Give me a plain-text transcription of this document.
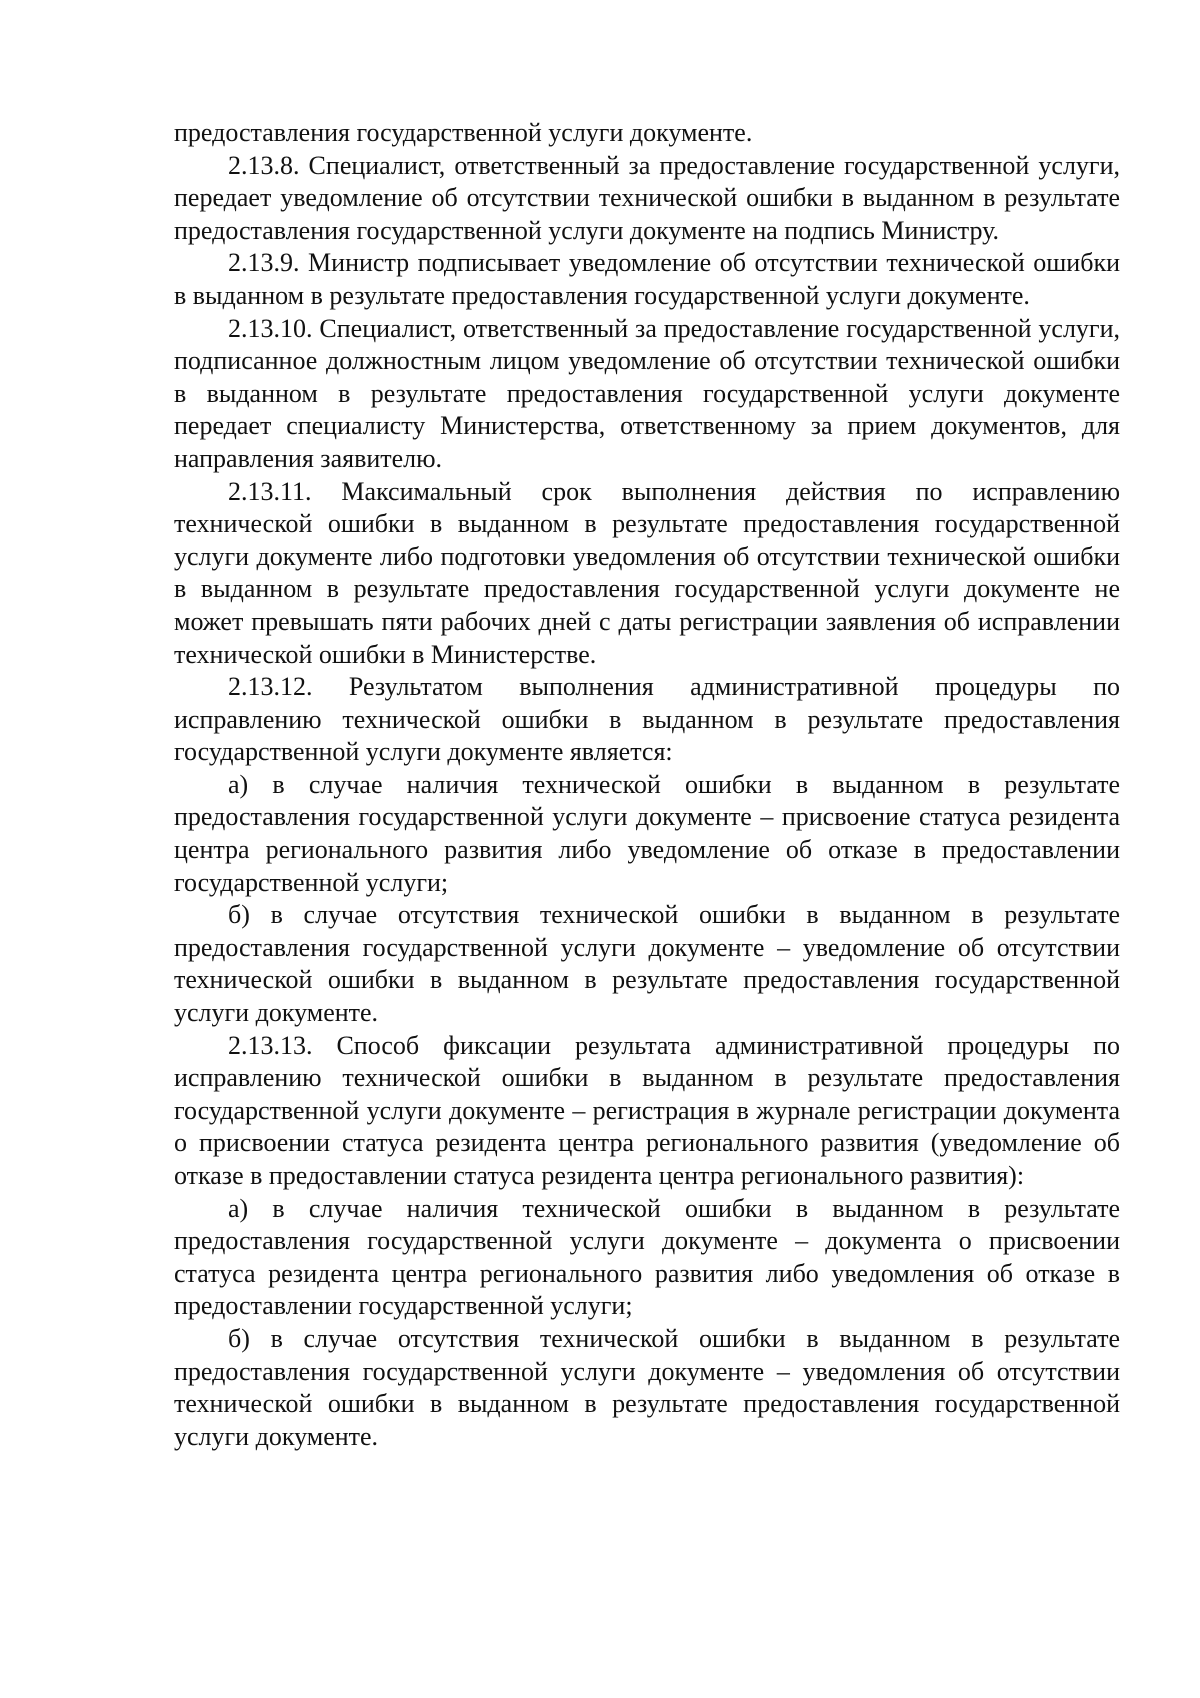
предоставления государственной услуги документе.

2.13.8. Специалист, ответственный за предоставление государственной услуги, передает уведомление об отсутствии технической ошибки в выданном в результате предоставления государственной услуги документе на подпись Министру.

2.13.9. Министр подписывает уведомление об отсутствии технической ошибки в выданном в результате предоставления государственной услуги документе.

2.13.10. Специалист, ответственный за предоставление государственной услуги, подписанное должностным лицом уведомление об отсутствии технической ошибки в выданном в результате предоставления государственной услуги документе передает специалисту Министерства, ответственному за прием документов, для направления заявителю.

2.13.11. Максимальный срок выполнения действия по исправлению технической ошибки в выданном в результате предоставления государственной услуги документе либо подготовки уведомления об отсутствии технической ошибки в выданном в результате предоставления государственной услуги документе не может превышать пяти рабочих дней с даты регистрации заявления об исправлении технической ошибки в Министерстве.

2.13.12. Результатом выполнения административной процедуры по исправлению технической ошибки в выданном в результате предоставления государственной услуги документе является:

а) в случае наличия технической ошибки в выданном в результате предоставления государственной услуги документе – присвоение статуса резидента центра регионального развития либо уведомление об отказе в предоставлении государственной услуги;

б) в случае отсутствия технической ошибки в выданном в результате предоставления государственной услуги документе – уведомление об отсутствии технической ошибки в выданном в результате предоставления государственной услуги документе.

2.13.13. Способ фиксации результата административной процедуры по исправлению технической ошибки в выданном в результате предоставления государственной услуги документе – регистрация в журнале регистрации документа о присвоении статуса резидента центра регионального развития (уведомление об отказе в предоставлении статуса резидента центра регионального развития):

а) в случае наличия технической ошибки в выданном в результате предоставления государственной услуги документе – документа о присвоении статуса резидента центра регионального развития либо уведомления об отказе в предоставлении государственной услуги;

б) в случае отсутствия технической ошибки в выданном в результате предоставления государственной услуги документе – уведомления об отсутствии технической ошибки в выданном в результате предоставления государственной услуги документе.
